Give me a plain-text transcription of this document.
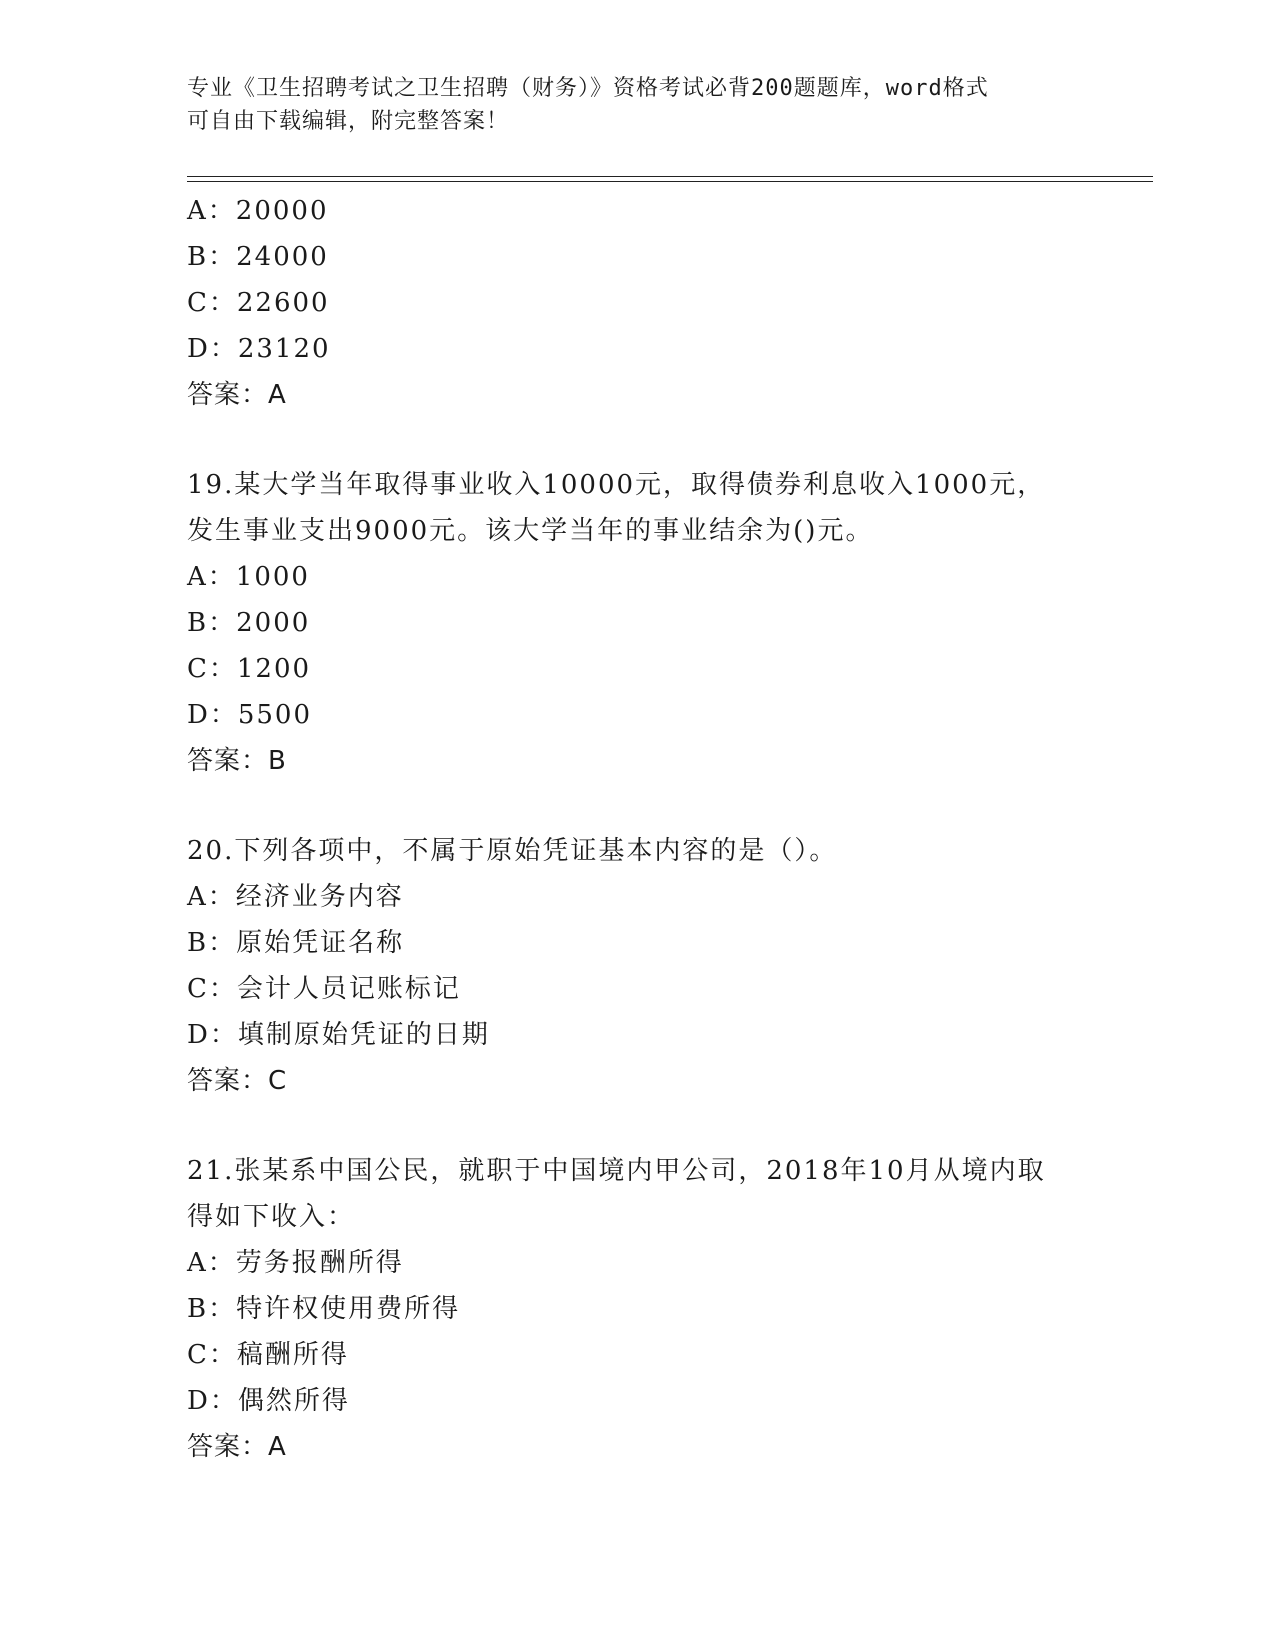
专业《卫生招聘考试之卫生招聘（财务）》资格考试必背200题题库，word格式
可自由下载编辑，附完整答案！
A：20000
B：24000
C：22600
D：23120
答案：A
19.某大学当年取得事业收入10000元，取得债券利息收入1000元，
发生事业支出9000元。该大学当年的事业结余为()元。
A：1000
B：2000
C：1200
D：5500
答案：B
20.下列各项中，不属于原始凭证基本内容的是（）。
A：经济业务内容
B：原始凭证名称
C：会计人员记账标记
D：填制原始凭证的日期
答案：C
21.张某系中国公民，就职于中国境内甲公司，2018年10月从境内取
得如下收入：
A：劳务报酬所得
B：特许权使用费所得
C：稿酬所得
D：偶然所得
答案：A
